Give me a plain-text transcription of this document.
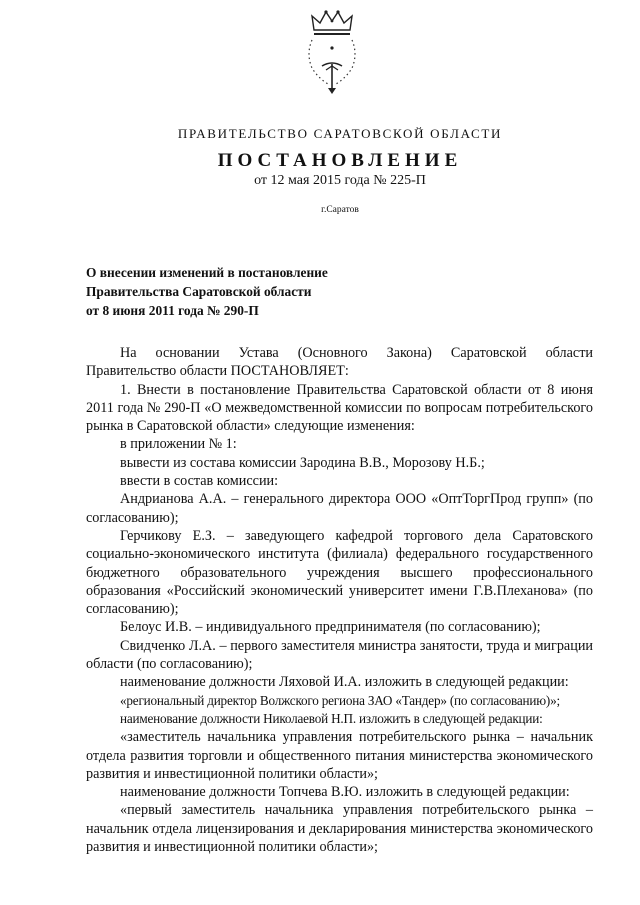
ПРАВИТЕЛЬСТВО САРАТОВСКОЙ ОБЛАСТИ
ПОСТАНОВЛЕНИЕ
от 12 мая 2015 года № 225-П
г.Саратов
О внесении изменений в постановление
Правительства Саратовской области
от 8 июня 2011 года № 290-П

На основании Устава (Основного Закона) Саратовской области Правительство области ПОСТАНОВЛЯЕТ:

1. Внести в постановление Правительства Саратовской области от 8 июня 2011 года № 290-П «О межведомственной комиссии по вопросам потребительского рынка в Саратовской области» следующие изменения:

в приложении № 1:

вывести из состава комиссии Зародина В.В., Морозову Н.Б.;

ввести в состав комиссии:

Андрианова А.А. – генерального директора ООО «ОптТоргПрод групп» (по согласованию);

Герчикову Е.З. – заведующего кафедрой торгового дела Саратовского социально-экономического института (филиала) федерального государственного бюджетного образовательного учреждения высшего профессионального образования «Российский экономический университет имени Г.В.Плеханова» (по согласованию);

Белоус И.В. – индивидуального предпринимателя (по согласованию);

Свидченко Л.А. – первого заместителя министра занятости, труда и миграции области (по согласованию);

наименование должности Ляховой И.А. изложить в следующей редакции:

«региональный директор Волжского региона ЗАО «Тандер» (по согласованию)»;

наименование должности Николаевой Н.П. изложить в следующей редакции:

«заместитель начальника управления потребительского рынка – начальник отдела развития торговли и общественного питания министерства экономического развития и инвестиционной политики области»;

наименование должности Топчева В.Ю. изложить в следующей редакции:

«первый заместитель начальника управления потребительского рынка – начальник отдела лицензирования и декларирования министерства экономического развития и инвестиционной политики области»;
